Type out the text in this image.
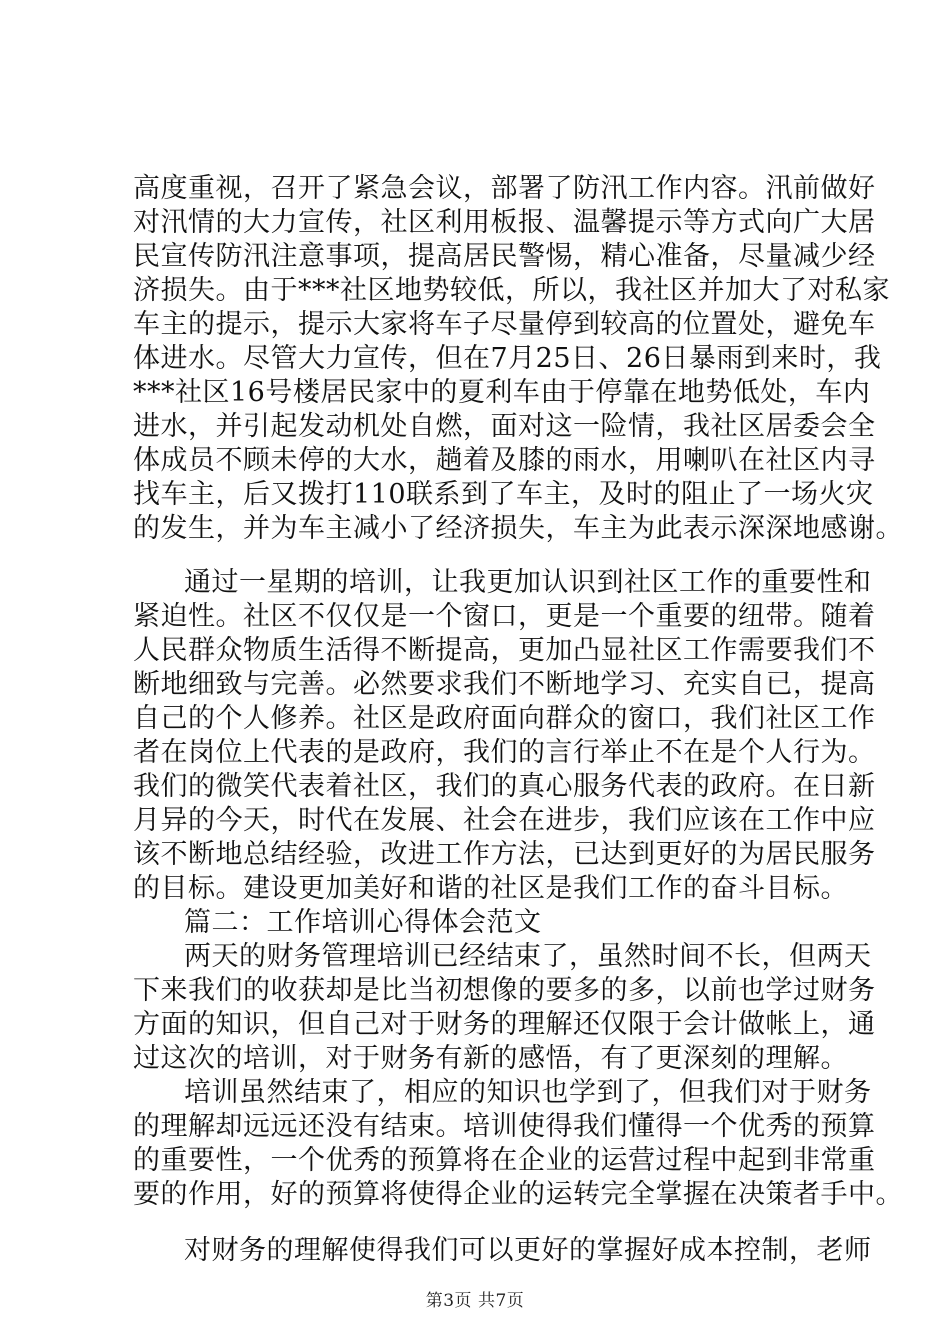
高度重视，召开了紧急会议，部署了防汛工作内容。汛前做好
对汛情的大力宣传，社区利用板报、温馨提示等方式向广大居
民宣传防汛注意事项，提高居民警惕，精心准备，尽量减少经
济损失。由于***社区地势较低，所以，我社区并加大了对私家
车主的提示，提示大家将车子尽量停到较高的位置处，避免车
体进水。尽管大力宣传，但在7月25日、26日暴雨到来时，我
***社区16号楼居民家中的夏利车由于停靠在地势低处，车内
进水，并引起发动机处自燃，面对这一险情，我社区居委会全
体成员不顾未停的大水，趟着及膝的雨水，用喇叭在社区内寻
找车主，后又拨打110联系到了车主，及时的阻止了一场火灾
的发生，并为车主减小了经济损失，车主为此表示深深地感谢。
通过一星期的培训，让我更加认识到社区工作的重要性和
紧迫性。社区不仅仅是一个窗口，更是一个重要的纽带。随着
人民群众物质生活得不断提高，更加凸显社区工作需要我们不
断地细致与完善。必然要求我们不断地学习、充实自已，提高
自己的个人修养。社区是政府面向群众的窗口，我们社区工作
者在岗位上代表的是政府，我们的言行举止不在是个人行为。
我们的微笑代表着社区，我们的真心服务代表的政府。在日新
月异的今天，时代在发展、社会在进步，我们应该在工作中应
该不断地总结经验，改进工作方法，已达到更好的为居民服务
的目标。建设更加美好和谐的社区是我们工作的奋斗目标。
篇二：工作培训心得体会范文
两天的财务管理培训已经结束了，虽然时间不长，但两天
下来我们的收获却是比当初想像的要多的多，以前也学过财务
方面的知识，但自己对于财务的理解还仅限于会计做帐上，通
过这次的培训，对于财务有新的感悟，有了更深刻的理解。
培训虽然结束了，相应的知识也学到了，但我们对于财务
的理解却远远还没有结束。培训使得我们懂得一个优秀的预算
的重要性，一个优秀的预算将在企业的运营过程中起到非常重
要的作用，好的预算将使得企业的运转完全掌握在决策者手中。
对财务的理解使得我们可以更好的掌握好成本控制，老师
第3页 共7页
